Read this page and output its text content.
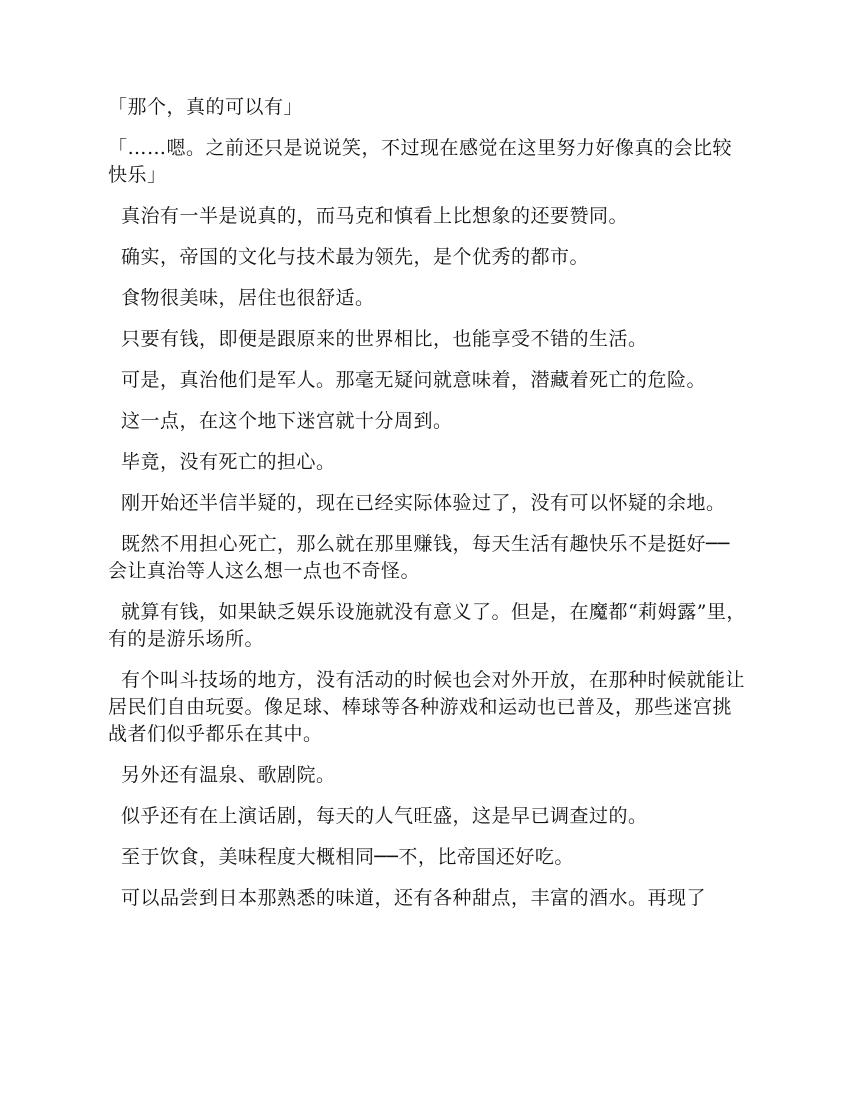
「那个，真的可以有」

「……嗯。之前还只是说说笑，不过现在感觉在这里努力好像真的会比较快乐」

真治有一半是说真的，而马克和慎看上比想象的还要赞同。

确实，帝国的文化与技术最为领先，是个优秀的都市。

食物很美味，居住也很舒适。

只要有钱，即便是跟原来的世界相比，也能享受不错的生活。

可是，真治他们是军人。那毫无疑问就意味着，潜藏着死亡的危险。

这一点，在这个地下迷宫就十分周到。

毕竟，没有死亡的担心。

刚开始还半信半疑的，现在已经实际体验过了，没有可以怀疑的余地。

既然不用担心死亡，那么就在那里赚钱，每天生活有趣快乐不是挺好──会让真治等人这么想一点也不奇怪。

就算有钱，如果缺乏娱乐设施就没有意义了。但是，在魔都“莉姆露”里，有的是游乐场所。

有个叫斗技场的地方，没有活动的时候也会对外开放，在那种时候就能让居民们自由玩耍。像足球、棒球等各种游戏和运动也已普及，那些迷宫挑战者们似乎都乐在其中。

另外还有温泉、歌剧院。

似乎还有在上演话剧，每天的人气旺盛，这是早已调查过的。

至于饮食，美味程度大概相同──不，比帝国还好吃。

可以品尝到日本那熟悉的味道，还有各种甜点，丰富的酒水。再现了
